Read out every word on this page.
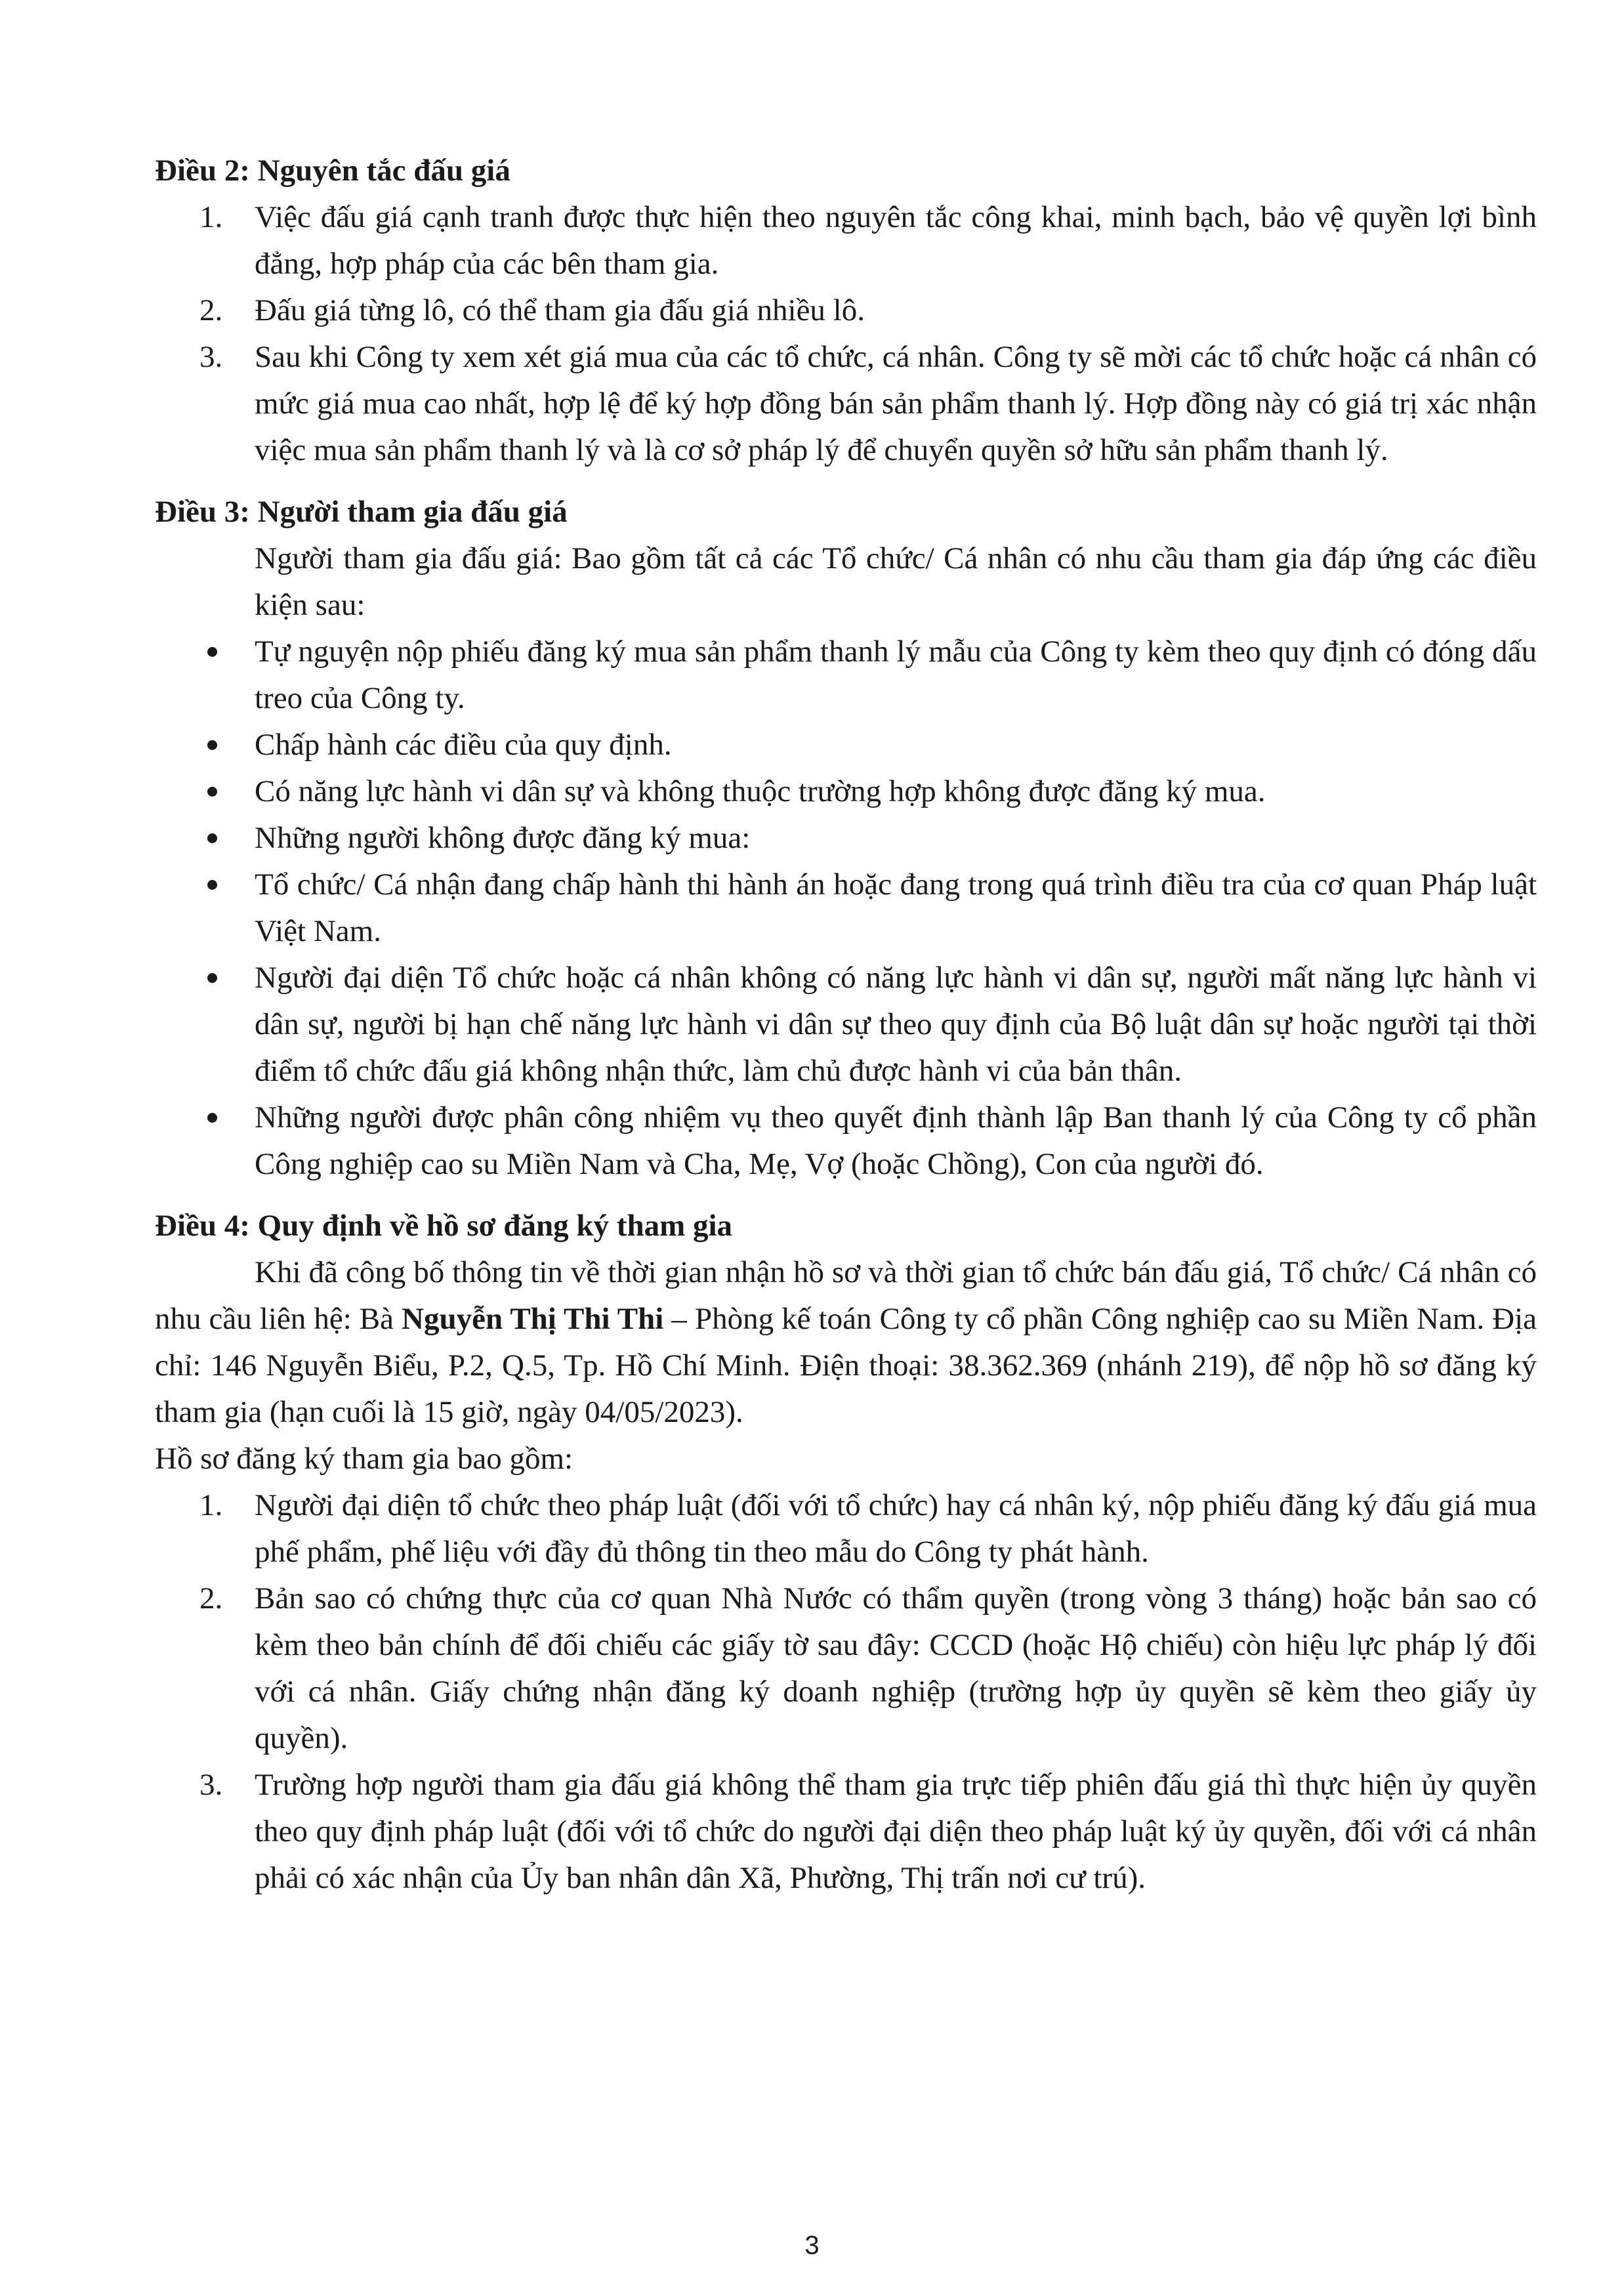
Điều 2: Nguyên tắc đấu giá

1. Việc đấu giá cạnh tranh được thực hiện theo nguyên tắc công khai, minh bạch, bảo vệ quyền lợi bình đẳng, hợp pháp của các bên tham gia.
2. Đấu giá từng lô, có thể tham gia đấu giá nhiều lô.
3. Sau khi Công ty xem xét giá mua của các tổ chức, cá nhân. Công ty sẽ mời các tổ chức hoặc cá nhân có mức giá mua cao nhất, hợp lệ để ký hợp đồng bán sản phẩm thanh lý. Hợp đồng này có giá trị xác nhận việc mua sản phẩm thanh lý và là cơ sở pháp lý để chuyển quyền sở hữu sản phẩm thanh lý.

Điều 3: Người tham gia đấu giá

Người tham gia đấu giá: Bao gồm tất cả các Tổ chức/ Cá nhân có nhu cầu tham gia đáp ứng các điều kiện sau:

Tự nguyện nộp phiếu đăng ký mua sản phẩm thanh lý mẫu của Công ty kèm theo quy định có đóng dấu treo của Công ty.
Chấp hành các điều của quy định.
Có năng lực hành vi dân sự và không thuộc trường hợp không được đăng ký mua.
Những người không được đăng ký mua:
Tổ chức/ Cá nhận đang chấp hành thi hành án hoặc đang trong quá trình điều tra của cơ quan Pháp luật Việt Nam.
Người đại diện Tổ chức hoặc cá nhân không có năng lực hành vi dân sự, người mất năng lực hành vi dân sự, người bị hạn chế năng lực hành vi dân sự theo quy định của Bộ luật dân sự hoặc người tại thời điểm tổ chức đấu giá không nhận thức, làm chủ được hành vi của bản thân.
Những người được phân công nhiệm vụ theo quyết định thành lập Ban thanh lý của Công ty cổ phần Công nghiệp cao su Miền Nam và Cha, Mẹ, Vợ (hoặc Chồng), Con của người đó.

Điều 4: Quy định về hồ sơ đăng ký tham gia

Khi đã công bố thông tin về thời gian nhận hồ sơ và thời gian tổ chức bán đấu giá, Tổ chức/ Cá nhân có nhu cầu liên hệ: Bà Nguyễn Thị Thi Thi – Phòng kế toán Công ty cổ phần Công nghiệp cao su Miền Nam. Địa chỉ: 146 Nguyễn Biểu, P.2, Q.5, Tp. Hồ Chí Minh. Điện thoại: 38.362.369 (nhánh 219), để nộp hồ sơ đăng ký tham gia (hạn cuối là 15 giờ, ngày 04/05/2023).

Hồ sơ đăng ký tham gia bao gồm:

1. Người đại diện tổ chức theo pháp luật (đối với tổ chức) hay cá nhân ký, nộp phiếu đăng ký đấu giá mua phế phẩm, phế liệu với đầy đủ thông tin theo mẫu do Công ty phát hành.
2. Bản sao có chứng thực của cơ quan Nhà Nước có thẩm quyền (trong vòng 3 tháng) hoặc bản sao có kèm theo bản chính để đối chiếu các giấy tờ sau đây: CCCD (hoặc Hộ chiếu) còn hiệu lực pháp lý đối với cá nhân. Giấy chứng nhận đăng ký doanh nghiệp (trường hợp ủy quyền sẽ kèm theo giấy ủy quyền).
3. Trường hợp người tham gia đấu giá không thể tham gia trực tiếp phiên đấu giá thì thực hiện ủy quyền theo quy định pháp luật (đối với tổ chức do người đại diện theo pháp luật ký ủy quyền, đối với cá nhân phải có xác nhận của Ủy ban nhân dân Xã, Phường, Thị trấn nơi cư trú).
3
